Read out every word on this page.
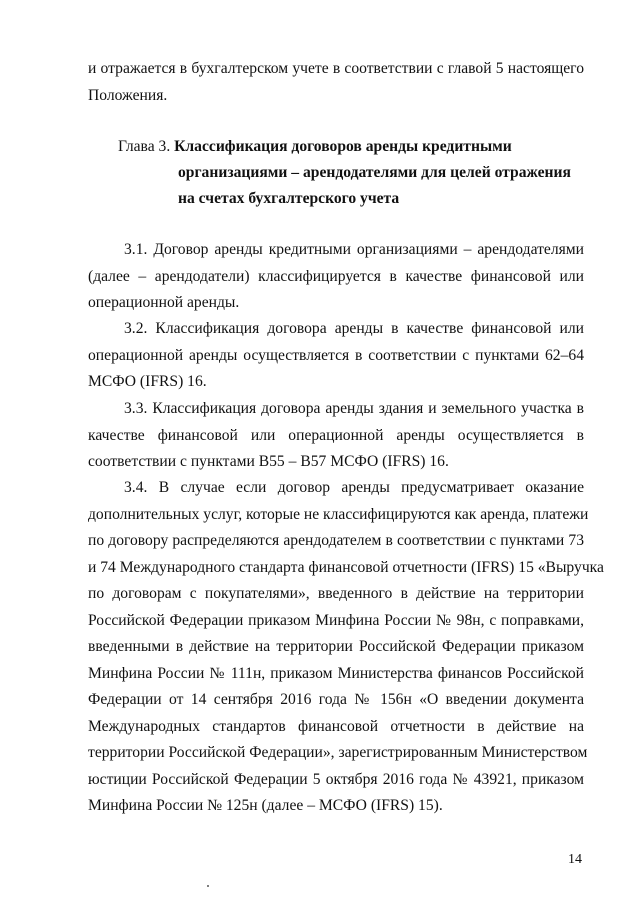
и отражается в бухгалтерском учете в соответствии с главой 5 настоящего
Положения.
Глава 3. Классификация договоров аренды кредитными
организациями – арендодателями для целей отражения
на счетах бухгалтерского учета
3.1. Договор аренды кредитными организациями – арендодателями
(далее – арендодатели) классифицируется в качестве финансовой или
операционной аренды.
3.2. Классификация договора аренды в качестве финансовой или
операционной аренды осуществляется в соответствии с пунктами 62–64
МСФО (IFRS) 16.
3.3. Классификация договора аренды здания и земельного участка в
качестве финансовой или операционной аренды осуществляется в
соответствии с пунктами B55 – B57 МСФО (IFRS) 16.
3.4. В случае если договор аренды предусматривает оказание
дополнительных услуг, которые не классифицируются как аренда, платежи
по договору распределяются арендодателем в соответствии с пунктами 73
и 74 Международного стандарта финансовой отчетности (IFRS) 15 «Выручка
по договорам с покупателями», введенного в действие на территории
Российской Федерации приказом Минфина России № 98н, с поправками,
введенными в действие на территории Российской Федерации приказом
Минфина России № 111н, приказом Министерства финансов Российской
Федерации от 14 сентября 2016 года № 156н «О введении документа
Международных стандартов финансовой отчетности в действие на
территории Российской Федерации», зарегистрированным Министерством
юстиции Российской Федерации 5 октября 2016 года № 43921, приказом
Минфина России № 125н (далее – МСФО (IFRS) 15).
14
